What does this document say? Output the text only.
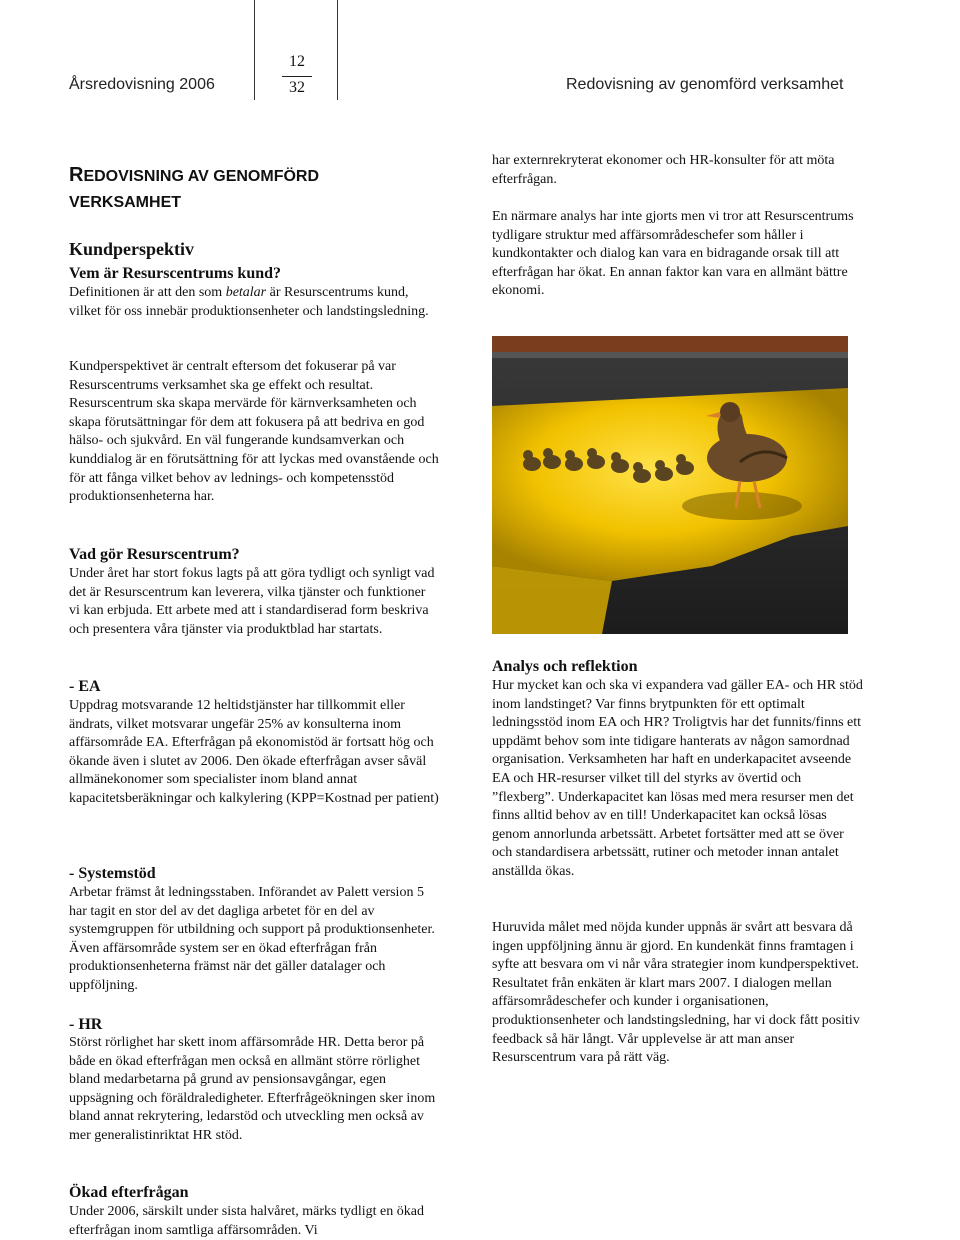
Årsredovisning 2006
12
32	Redovisning av genomförd verksamhet
REDOVISNING AV GENOMFÖRD
VERKSAMHET
Kundperspektiv
Vem är Resurscentrums kund?

Definitionen är att den som betalar är Resurscentrums kund, vilket för oss innebär produktionsenheter och landstingsledning.

Kundperspektivet är centralt eftersom det fokuserar på var Resurscentrums verksamhet ska ge effekt och resultat. Resurscentrum ska skapa mervärde för kärnverksamheten och skapa förutsättningar för dem att fokusera på att bedriva en god hälso- och sjukvård. En väl fungerande kundsamverkan och kunddialog är en förutsättning för att lyckas med ovanstående och för att fånga vilket behov av lednings- och kompetensstöd produktionsenheterna har.

Vad gör Resurscentrum?

Under året har stort fokus lagts på att göra tydligt och synligt vad det är Resurscentrum kan leverera, vilka tjänster och funktioner vi kan erbjuda. Ett arbete med att i standardiserad form beskriva och presentera våra tjänster via produktblad har startats.

- EA

Uppdrag motsvarande 12 heltidstjänster har tillkommit eller ändrats, vilket motsvarar ungefär 25% av konsulterna inom affärsområde EA. Efterfrågan på ekonomistöd är fortsatt hög och ökande även i slutet av 2006. Den ökade efterfrågan avser såväl allmänekonomer som specialister inom bland annat kapacitetsberäkningar och kalkylering (KPP=Kostnad per patient)

- Systemstöd

Arbetar främst åt ledningsstaben. Införandet av Palett version 5 har tagit en stor del av det dagliga arbetet för en del av systemgruppen för utbildning och support på produktionsenheter. Även affärsområde system ser en ökad efterfrågan från produktionsenheterna främst när det gäller datalager och uppföljning.

- HR

Störst rörlighet har skett inom affärsområde HR. Detta beror på både en ökad efterfrågan men också en allmänt större rörlighet bland medarbetarna på grund av pensionsavgångar, egen uppsägning och föräldraledigheter. Efterfrågeökningen sker inom bland annat rekrytering, ledarstöd och utveckling men också av mer generalistinriktat HR stöd.

Ökad efterfrågan

Under 2006, särskilt under sista halvåret, märks tydligt en ökad efterfrågan inom samtliga affärsområden. Vi

har externrekryterat ekonomer och HR-konsulter för att möta efterfrågan.

En närmare analys har inte gjorts men vi tror att Resurscentrums tydligare struktur med affärsområdeschefer som håller i kundkontakter och dialog kan vara en bidragande orsak till att efterfrågan har ökat. En annan faktor kan vara en allmänt bättre ekonomi.

Analys och reflektion

Hur mycket kan och ska vi expandera vad gäller EA- och HR stöd inom landstinget? Var finns brytpunkten för ett optimalt ledningsstöd inom EA och HR? Troligtvis har det funnits/finns ett uppdämt behov som inte tidigare hanterats av någon samordnad organisation. Verksamheten har haft en underkapacitet avseende EA och HR-resurser vilket till del styrks av övertid och ”flexberg”. Underkapacitet kan lösas med mera resurser men det finns alltid behov av en till! Underkapacitet kan också lösas genom annorlunda arbetssätt. Arbetet fortsätter med att se över och standardisera arbetssätt, rutiner och metoder innan antalet anställda ökas.

Huruvida målet med nöjda kunder uppnås är svårt att besvara då ingen uppföljning ännu är gjord. En kundenkät finns framtagen i syfte att besvara om vi når våra strategier inom kundperspektivet. Resultatet från enkäten är klart mars 2007. I dialogen mellan affärsområdeschefer och kunder i organisationen, produktionsenheter och landstingsledning, har vi dock fått positiv feedback så här långt. Vår upplevelse är att man anser Resurscentrum vara på rätt väg.
